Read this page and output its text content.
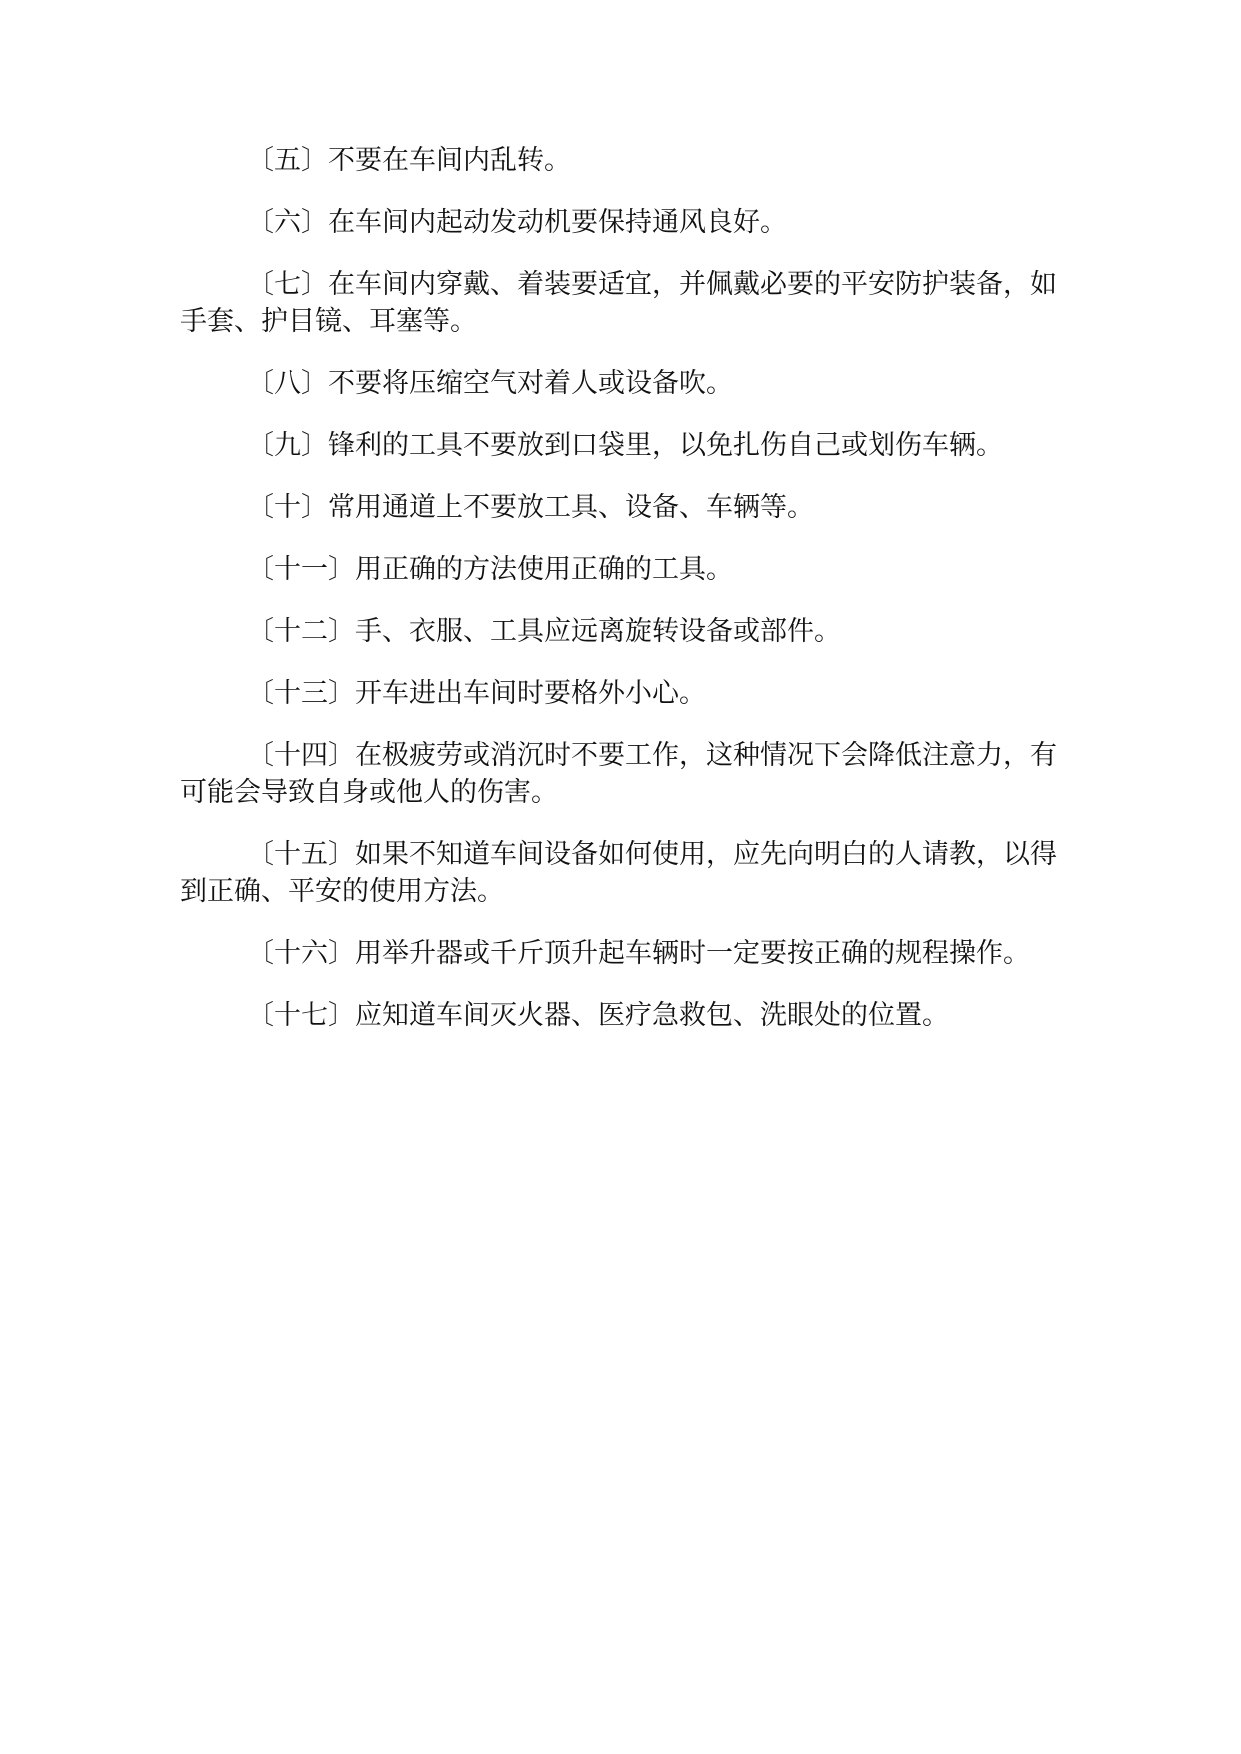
〔五〕不要在车间内乱转。

〔六〕在车间内起动发动机要保持通风良好。

〔七〕在车间内穿戴、着装要适宜，并佩戴必要的平安防护装备，如手套、护目镜、耳塞等。

〔八〕不要将压缩空气对着人或设备吹。

〔九〕锋利的工具不要放到口袋里，以免扎伤自己或划伤车辆。

〔十〕常用通道上不要放工具、设备、车辆等。

〔十一〕用正确的方法使用正确的工具。

〔十二〕手、衣服、工具应远离旋转设备或部件。

〔十三〕开车进出车间时要格外小心。

〔十四〕在极疲劳或消沉时不要工作，这种情况下会降低注意力，有可能会导致自身或他人的伤害。

〔十五〕如果不知道车间设备如何使用，应先向明白的人请教，以得到正确、平安的使用方法。

〔十六〕用举升器或千斤顶升起车辆时一定要按正确的规程操作。

〔十七〕应知道车间灭火器、医疗急救包、洗眼处的位置。
